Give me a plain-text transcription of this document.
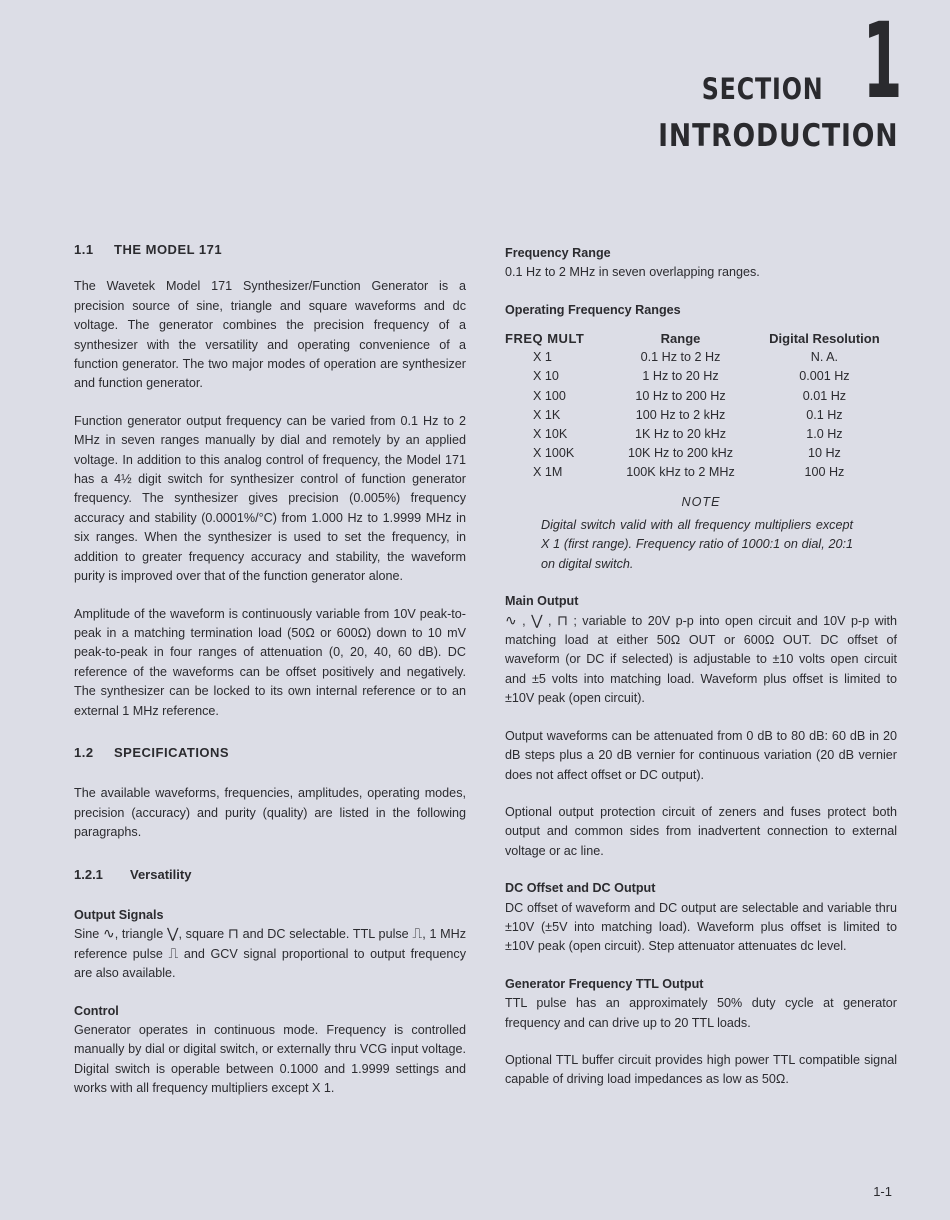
SECTION 1
INTRODUCTION
1.1 THE MODEL 171

The Wavetek Model 171 Synthesizer/Function Generator is a precision source of sine, triangle and square waveforms and dc voltage. The generator combines the precision frequency of a synthesizer with the versatility and operating convenience of a function generator. The two major modes of operation are synthesizer and function generator.

Function generator output frequency can be varied from 0.1 Hz to 2 MHz in seven ranges manually by dial and remotely by an applied voltage. In addition to this analog control of frequency, the Model 171 has a 4½ digit switch for synthesizer control of function generator frequency. The synthesizer gives precision (0.005%) frequency accuracy and stability (0.0001%/°C) from 1.000 Hz to 1.9999 MHz in six ranges. When the synthesizer is used to set the frequency, in addition to greater frequency accuracy and stability, the waveform purity is improved over that of the function generator alone.

Amplitude of the waveform is continuously variable from 10V peak-to-peak in a matching termination load (50Ω or 600Ω) down to 10 mV peak-to-peak in four ranges of attenuation (0, 20, 40, 60 dB). DC reference of the waveforms can be offset positively and negatively. The synthesizer can be locked to its own internal reference or to an external 1 MHz reference.

1.2 SPECIFICATIONS

The available waveforms, frequencies, amplitudes, operating modes, precision (accuracy) and purity (quality) are listed in the following paragraphs.

1.2.1 Versatility
Output Signals

Sine ∿, triangle ⋁, square ⊓ and DC selectable. TTL pulse ⎍, 1 MHz reference pulse ⎍ and GCV signal proportional to output frequency are also available.

Control

Generator operates in continuous mode. Frequency is controlled manually by dial or digital switch, or externally thru VCG input voltage. Digital switch is operable between 0.1000 and 1.9999 settings and works with all frequency multipliers except X 1.

Frequency Range

0.1 Hz to 2 MHz in seven overlapping ranges.

Operating Frequency Ranges
FREQ MULT	Range	Digital Resolution
X 1	0.1 Hz to 2 Hz	N. A.
X 10	1 Hz to 20 Hz	0.001 Hz
X 100	10 Hz to 200 Hz	0.01 Hz
X 1K	100 Hz to 2 kHz	0.1 Hz
X 10K	1K Hz to 20 kHz	1.0 Hz
X 100K	10K Hz to 200 kHz	10 Hz
X 1M	100K kHz to 2 MHz	100 Hz
NOTE

Digital switch valid with all frequency multipliers except X 1 (first range). Frequency ratio of 1000:1 on dial, 20:1 on digital switch.

Main Output

∿ , ⋁ , ⊓ ; variable to 20V p-p into open circuit and 10V p-p with matching load at either 50Ω OUT or 600Ω OUT. DC offset of waveform (or DC if selected) is adjustable to ±10 volts open circuit and ±5 volts into matching load. Waveform plus offset is limited to ±10V peak (open circuit).

Output waveforms can be attenuated from 0 dB to 80 dB: 60 dB in 20 dB steps plus a 20 dB vernier for continuous variation (20 dB vernier does not affect offset or DC output).

Optional output protection circuit of zeners and fuses protect both output and common sides from inadvertent connection to external voltage or ac line.

DC Offset and DC Output

DC offset of waveform and DC output are selectable and variable thru ±10V (±5V into matching load). Waveform plus offset is limited to ±10V peak (open circuit). Step attenuator attenuates dc level.

Generator Frequency TTL Output

TTL pulse has an approximately 50% duty cycle at generator frequency and can drive up to 20 TTL loads.

Optional TTL buffer circuit provides high power TTL compatible signal capable of driving load impedances as low as 50Ω.

1-1
